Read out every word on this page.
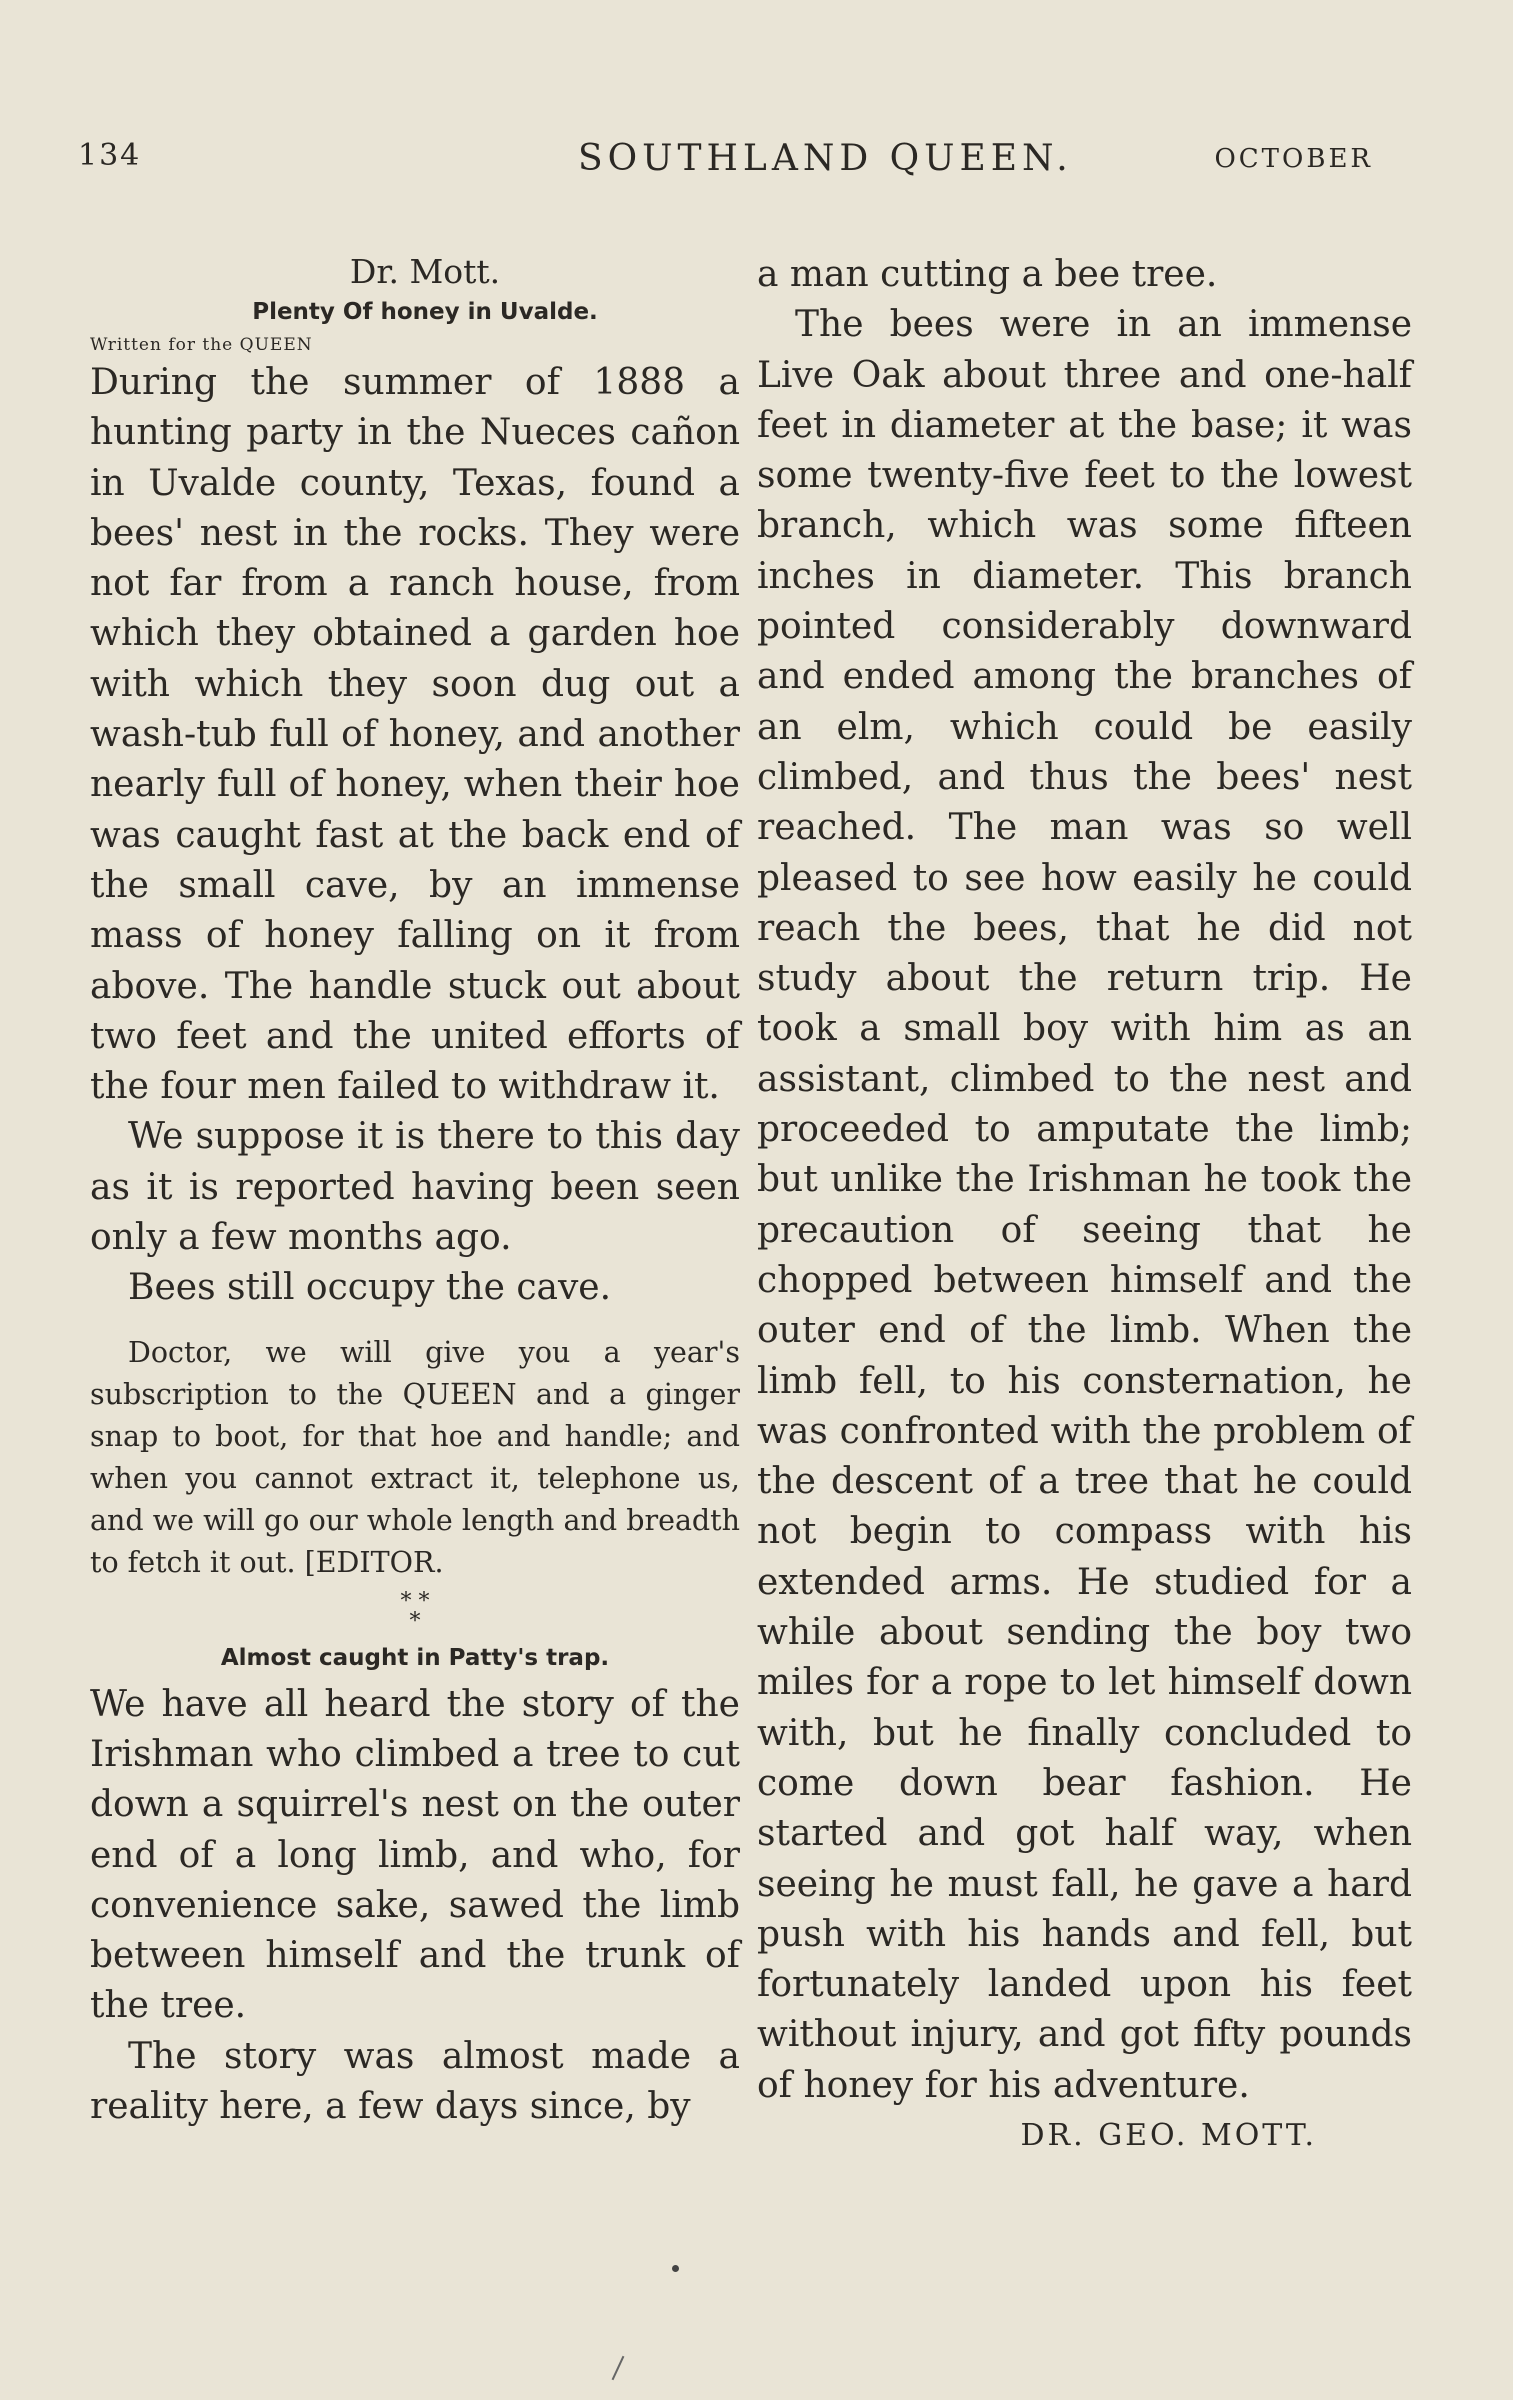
134	SOUTHLAND QUEEN.	OCTOBER
Dr. Mott.
Plenty Of honey in Uvalde.
Written for the QUEEN

During the summer of 1888 a hunting party in the Nueces cañon in Uvalde county, Texas, found a bees' nest in the rocks. They were not far from a ranch house, from which they obtained a garden hoe with which they soon dug out a wash-tub full of honey, and another nearly full of honey, when their hoe was caught fast at the back end of the small cave, by an immense mass of honey falling on it from above. The handle stuck out about two feet and the united efforts of the four men failed to withdraw it.

We suppose it is there to this day as it is reported having been seen only a few months ago.

Bees still occupy the cave.

Doctor, we will give you a year's subscription to the QUEEN and a ginger snap to boot, for that hoe and handle; and when you cannot extract it, telephone us, and we will go our whole length and breadth to fetch it out. [EDITOR.
* *
*
Almost caught in Patty's trap.

We have all heard the story of the Irishman who climbed a tree to cut down a squirrel's nest on the outer end of a long limb, and who, for convenience sake, sawed the limb between himself and the trunk of the tree.

The story was almost made a reality here, a few days since, by

a man cutting a bee tree.

The bees were in an immense Live Oak about three and one-half feet in diameter at the base; it was some twenty-five feet to the lowest branch, which was some fifteen inches in diameter. This branch pointed considerably downward and ended among the branches of an elm, which could be easily climbed, and thus the bees' nest reached. The man was so well pleased to see how easily he could reach the bees, that he did not study about the return trip. He took a small boy with him as an assistant, climbed to the nest and proceeded to amputate the limb; but unlike the Irishman he took the precaution of seeing that he chopped between himself and the outer end of the limb. When the limb fell, to his consternation, he was confronted with the problem of the descent of a tree that he could not begin to compass with his extended arms. He studied for a while about sending the boy two miles for a rope to let himself down with, but he finally concluded to come down bear fashion. He started and got half way, when seeing he must fall, he gave a hard push with his hands and fell, but fortunately landed upon his feet without injury, and got fifty pounds of honey for his adventure.

DR. GEO. MOTT.
